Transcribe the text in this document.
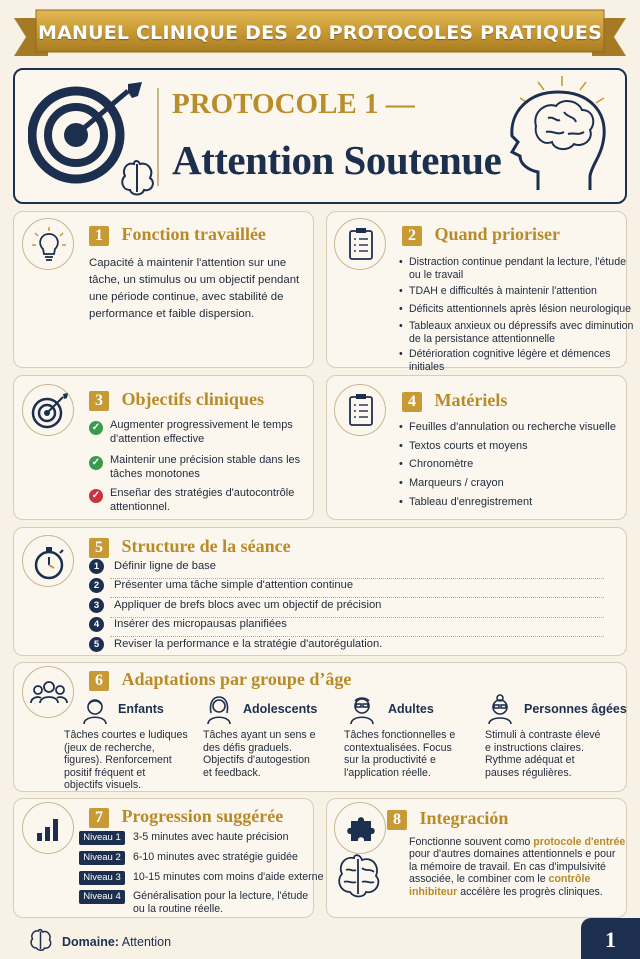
MANUEL CLINIQUE DES 20 PROTOCOLES PRATIQUES
PROTOCOLE 1 —
Attention Soutenue
1 Fonction travaillée
Capacité à maintenir l'attention sur une
tâche, un stimulus ou um objectif pendant
une période continue, avec stabilité de
performance et faible dispersion.
2 Quand prioriser
• Distraction continue pendant la lecture, l'étude
ou le travail
• TDAH e difficultés à maintenir l'attention
• Déficits attentionnels après lésion neurologique
• Tableaux anxieux ou dépressifs avec diminution
de la persistance attentionnelle
• Détérioration cognitive légère et démences initiales
3 Objectifs cliniques
✓ Augmenter progressivement le temps
d'attention effective
✓ Maintenir une précision stable dans les
tâches monotones
✓ Enseñar des stratégies d'autocontrôle
attentionnel.
4 Matériels
• Feuilles d'annulation ou recherche visuelle
• Textos courts et moyens
• Chronomètre
• Marqueurs / crayon
• Tableau d'enregistrement
5 Structure de la séance
1	Définir ligne de base
2	Présenter uma tâche simple d'attention continue
3	Appliquer de brefs blocs avec um objectif de précision
4	Insérer des micropausas planifiées
5	Reviser la performance e la stratégie d'autorégulation.
6 Adaptations par groupe d’âge
Enfants
Tâches courtes e ludiques
(jeux de recherche,
figures). Renforcement
positif fréquent et
objectifs visuels.
Adolescents
Tâches ayant un sens e
des défis graduels.
Objectifs d'autogestion
et feedback.
Adultes
Tâches fonctionnelles e
contextualisées. Focus
sur la productivité e
l'application réelle.
Personnes âgées
Stimuli à contraste élevé
e instructions claires.
Rythme adéquat et
pauses régulières.
7 Progression suggérée
Niveau 1	3-5 minutes avec haute précision
Niveau 2	6-10 minutes avec stratégie guidée
Niveau 3	10-15 minutes com moins d'aide externe
Niveau 4	Généralisation pour la lecture, l'étude
ou la routine réelle.
8 Integración
Fonctionne souvent como protocole d'entrée
pour d'autres domaines attentionnels e pour
la mémoire de travail. En cas d'impulsivité
associée, le combiner com le contrôle
inhibiteur accélère les progrès cliniques.
Domaine: Attention	1
